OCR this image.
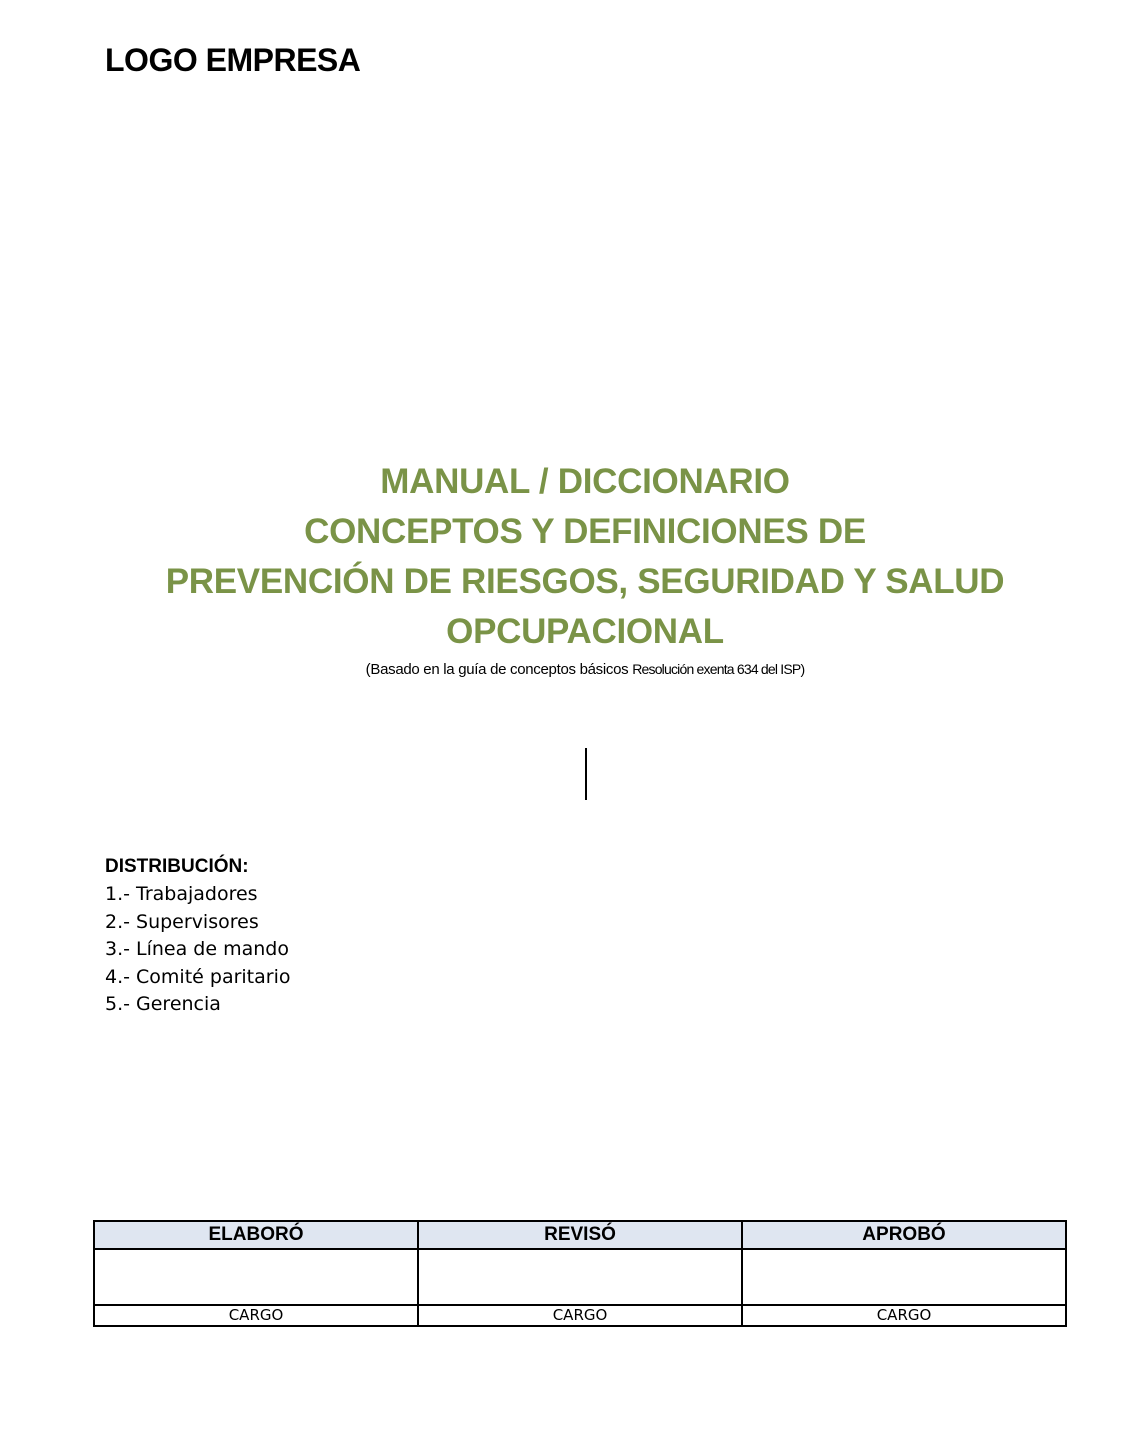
LOGO EMPRESA
MANUAL / DICCIONARIO
CONCEPTOS Y DEFINICIONES DE
PREVENCIÓN DE RIESGOS, SEGURIDAD Y SALUD
OPCUPACIONAL
(Basado en la guía de conceptos básicos Resolución exenta 634 del ISP)
DISTRIBUCIÓN:
1.- Trabajadores
2.- Supervisores
3.- Línea de mando
4.- Comité paritario
5.- Gerencia
ELABORÓ	REVISÓ	APROBÓ

CARGO	CARGO	CARGO
